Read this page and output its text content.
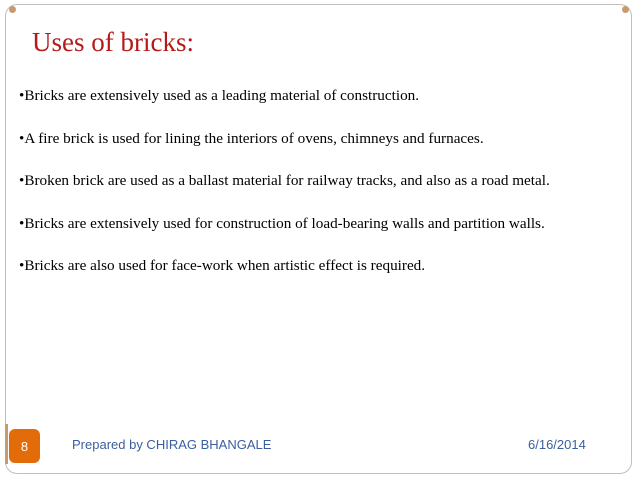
Uses of bricks:
•Bricks are extensively used as a leading material of construction.
•A fire brick is used for lining the interiors of ovens, chimneys and furnaces.
•Broken brick are used as a ballast material for railway tracks, and also as a road metal.
•Bricks are extensively used for construction of load-bearing walls and partition walls.
•Bricks are also used for face-work when artistic effect is required.
8	Prepared by CHIRAG BHANGALE	6/16/2014
